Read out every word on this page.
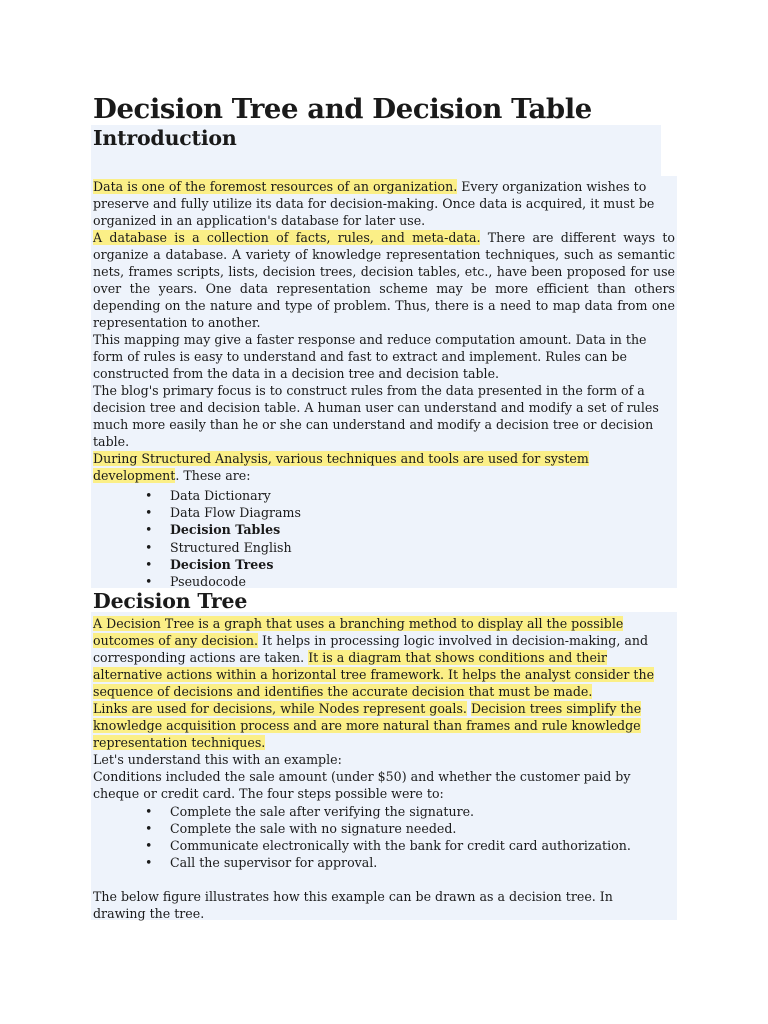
Decision Tree and Decision Table
Introduction
Data is one of the foremost resources of an organization. Every organization wishes to
preserve and fully utilize its data for decision-making. Once data is acquired, it must be
organized in an application's database for later use.
A database is a collection of facts, rules, and meta-data. There are different ways to
organize a database. A variety of knowledge representation techniques, such as semantic
nets, frames scripts, lists, decision trees, decision tables, etc., have been proposed for use
over the years. One data representation scheme may be more efficient than others
depending on the nature and type of problem. Thus, there is a need to map data from one
representation to another.
This mapping may give a faster response and reduce computation amount. Data in the
form of rules is easy to understand and fast to extract and implement. Rules can be
constructed from the data in a decision tree and decision table.
The blog's primary focus is to construct rules from the data presented in the form of a
decision tree and decision table. A human user can understand and modify a set of rules
much more easily than he or she can understand and modify a decision tree or decision
table.
During Structured Analysis, various techniques and tools are used for system
development. These are:
•	Data Dictionary
•	Data Flow Diagrams
•	Decision Tables
•	Structured English
•	Decision Trees
•	Pseudocode
Decision Tree
A Decision Tree is a graph that uses a branching method to display all the possible
outcomes of any decision. It helps in processing logic involved in decision-making, and
corresponding actions are taken. It is a diagram that shows conditions and their
alternative actions within a horizontal tree framework. It helps the analyst consider the
sequence of decisions and identifies the accurate decision that must be made.
Links are used for decisions, while Nodes represent goals. Decision trees simplify the
knowledge acquisition process and are more natural than frames and rule knowledge
representation techniques.
Let's understand this with an example:
Conditions included the sale amount (under $50) and whether the customer paid by
cheque or credit card. The four steps possible were to:
•	Complete the sale after verifying the signature.
•	Complete the sale with no signature needed.
•	Communicate electronically with the bank for credit card authorization.
•	Call the supervisor for approval.
The below figure illustrates how this example can be drawn as a decision tree. In
drawing the tree.
